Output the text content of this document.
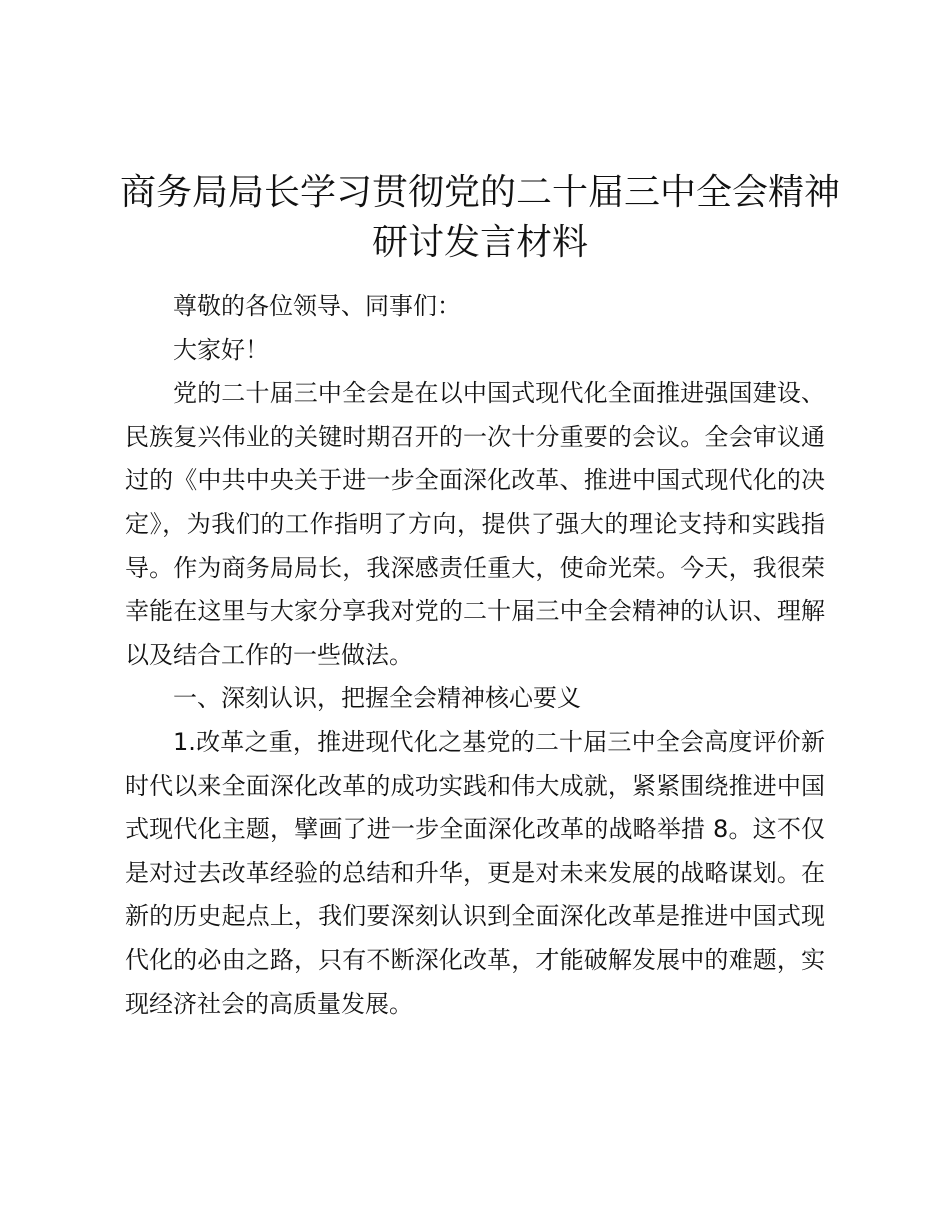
商务局局长学习贯彻党的二十届三中全会精神
研讨发言材料

尊敬的各位领导、同事们：

大家好！

党的二十届三中全会是在以中国式现代化全面推进强国建设、民族复兴伟业的关键时期召开的一次十分重要的会议。全会审议通过的《中共中央关于进一步全面深化改革、推进中国式现代化的决定》，为我们的工作指明了方向，提供了强大的理论支持和实践指导。作为商务局局长，我深感责任重大，使命光荣。今天，我很荣幸能在这里与大家分享我对党的二十届三中全会精神的认识、理解以及结合工作的一些做法。

一、深刻认识，把握全会精神核心要义

1.改革之重，推进现代化之基党的二十届三中全会高度评价新时代以来全面深化改革的成功实践和伟大成就，紧紧围绕推进中国式现代化主题，擘画了进一步全面深化改革的战略举措 8。这不仅是对过去改革经验的总结和升华，更是对未来发展的战略谋划。在新的历史起点上，我们要深刻认识到全面深化改革是推进中国式现代化的必由之路，只有不断深化改革，才能破解发展中的难题，实现经济社会的高质量发展。
